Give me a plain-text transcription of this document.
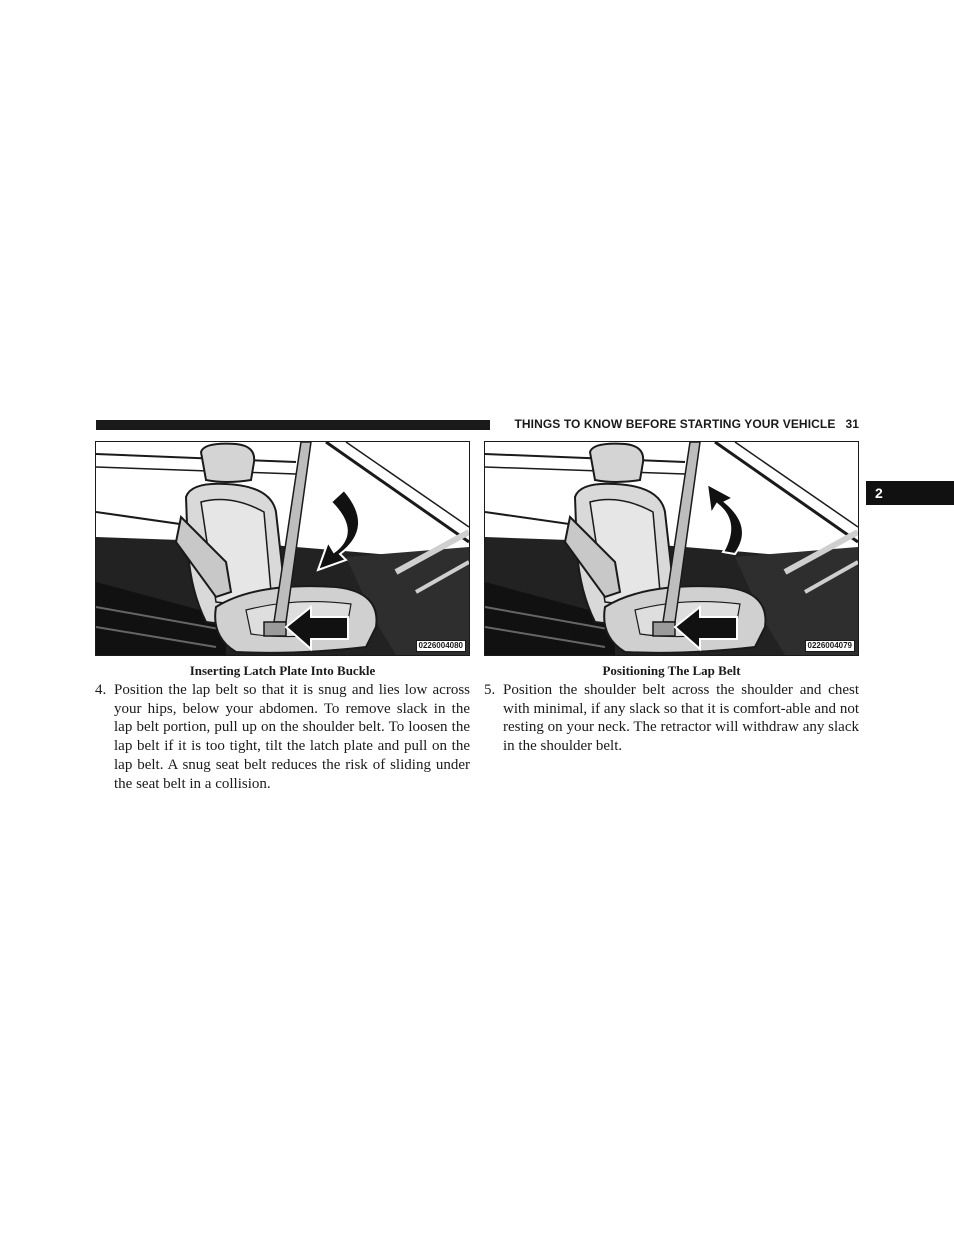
THINGS TO KNOW BEFORE STARTING YOUR VEHICLE 31
2
0226004080	0226004079
Inserting Latch Plate Into Buckle	Positioning The Lap Belt
4. Position the lap belt so that it is snug and lies low across your hips, below your abdomen. To remove slack in the lap belt portion, pull up on the shoulder belt. To loosen the lap belt if it is too tight, tilt the latch plate and pull on the lap belt. A snug seat belt reduces the risk of sliding under the seat belt in a collision.
5. Position the shoulder belt across the shoulder and chest with minimal, if any slack so that it is comfort-able and not resting on your neck. The retractor will withdraw any slack in the shoulder belt.
